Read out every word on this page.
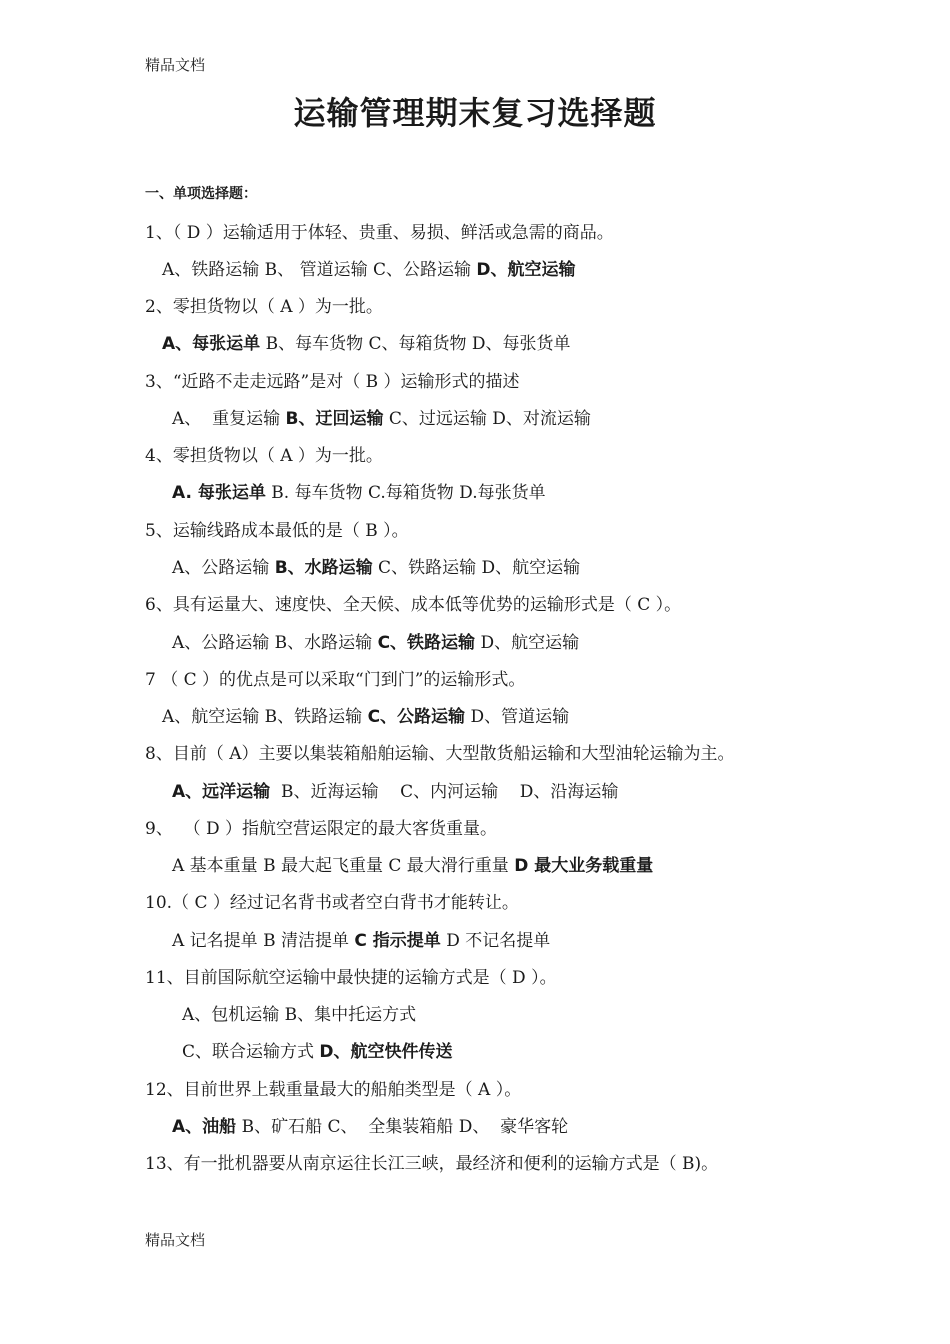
精品文档
运输管理期末复习选择题
一、单项选择题：
1、（ D ）运输适用于体轻、贵重、易损、鲜活或急需的商品。
A、铁路运输 B、 管道运输 C、公路运输 D、航空运输
2、零担货物以（ A ）为一批。
A、每张运单 B、每车货物 C、每箱货物 D、每张货单
3、“近路不走走远路”是对（ B ）运输形式的描述
A、  重复运输 B、迂回运输 C、过远运输 D、对流运输
4、零担货物以（ A ）为一批。
A. 每张运单 B. 每车货物 C.每箱货物 D.每张货单
5、运输线路成本最低的是（ B ）。
A、公路运输 B、水路运输 C、铁路运输 D、航空运输
6、具有运量大、速度快、全天候、成本低等优势的运输形式是（ C ）。
A、公路运输 B、水路运输 C、铁路运输 D、航空运输
7 （ C ）的优点是可以采取“门到门”的运输形式。
A、航空运输 B、铁路运输 C、公路运输 D、管道运输
8、目前（ A）主要以集装箱船舶运输、大型散货船运输和大型油轮运输为主。
A、远洋运输  B、近海运输    C、内河运输    D、沿海运输
9、  （ D ）指航空营运限定的最大客货重量。
A 基本重量 B 最大起飞重量 C 最大滑行重量 D 最大业务载重量
10.（ C ）经过记名背书或者空白背书才能转让。
A 记名提单 B 清洁提单 C 指示提单 D 不记名提单
11、目前国际航空运输中最快捷的运输方式是（ D ）。
A、包机运输 B、集中托运方式
C、联合运输方式 D、航空快件传送
12、目前世界上载重量最大的船舶类型是（ A ）。
A、油船 B、矿石船 C、  全集装箱船 D、  豪华客轮
13、有一批机器要从南京运往长江三峡，最经济和便利的运输方式是（ B)。
精品文档
